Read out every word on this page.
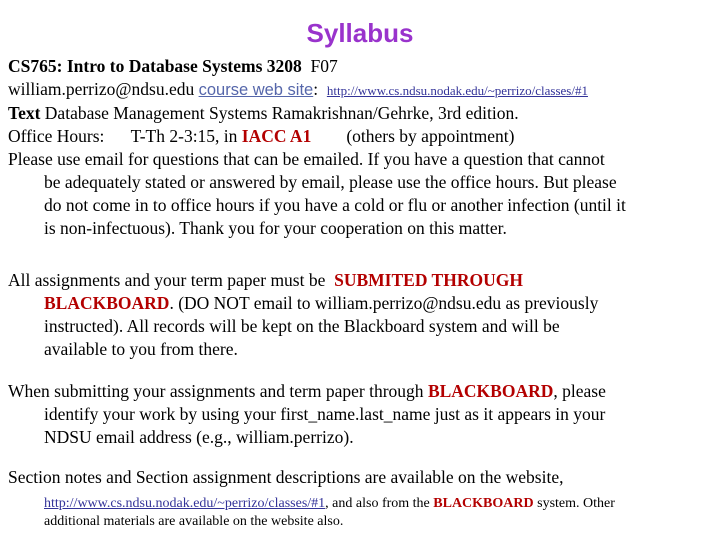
Syllabus
CS765: Intro to Database Systems 3208 F07
william.perrizo@ndsu.edu course web site: http://www.cs.ndsu.nodak.edu/~perrizo/classes/#1
Text Database Management Systems Ramakrishnan/Gehrke, 3rd edition.
Office Hours: T-Th 2-3:15, in IACC A1 (others by appointment)
Please use email for questions that can be emailed. If you have a question that cannot
be adequately stated or answered by email, please use the office hours. But please
do not come in to office hours if you have a cold or flu or another infection (until it
is non-infectuous). Thank you for your cooperation on this matter.
All assignments and your term paper must be SUBMITED THROUGH
BLACKBOARD. (DO NOT email to william.perrizo@ndsu.edu as previously
instructed). All records will be kept on the Blackboard system and will be
available to you from there.
When submitting your assignments and term paper through BLACKBOARD, please
identify your work by using your first_name.last_name just as it appears in your
NDSU email address (e.g., william.perrizo).
Section notes and Section assignment descriptions are available on the website,
http://www.cs.ndsu.nodak.edu/~perrizo/classes/#1, and also from the BLACKBOARD system. Other
additional materials are available on the website also.
